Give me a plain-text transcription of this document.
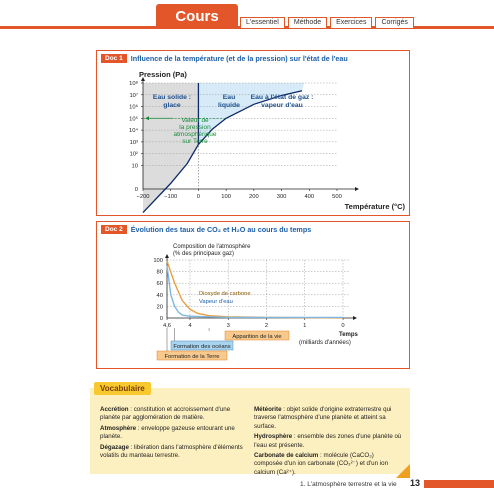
Cours	L'essentiel	Méthode	Exercices	Corrigés
Doc 1	Influence de la température (et de la pression) sur l'état de l'eau
10⁸
10⁷
10⁶
10⁵
10⁴
10³
10²
10
0
−200	−100	0	100	200	300	400	500
Pression (Pa)
Température (°C)
Eau solide :
glace
Eau
liquide
Eau à l'état de gaz :
vapeur d'eau
Valeur de
la pression
atmosphérique
sur Terre
Doc 2	Évolution des taux de CO₂ et H₂O au cours du temps
Composition de l'atmosphère
(% des principaux gaz)
100
80
60
40
20
0
4,6	4	3	2	1	0
Temps
(milliards d'années)
Dioxyde de carbone
Vapeur d'eau
Apparition de la vie
Formation des océans
Formation de la Terre
Vocabulaire

Accrétion : constitution et accroissement d'une planète par agglomération de matière.

Atmosphère : enveloppe gazeuse entourant une planète.

Dégazage : libération dans l'atmosphère d'éléments volatils du manteau terrestre.

Météorite : objet solide d'origine extraterrestre qui traverse l'atmosphère d'une planète et atteint sa surface.

Hydrosphère : ensemble des zones d'une planète où l'eau est présente.

Carbonate de calcium : molécule (CaCO₃) composée d'un ion carbonate (CO₃²⁻) et d'un ion calcium (Ca²⁺).

1. L'atmosphère terrestre et la vie 13
